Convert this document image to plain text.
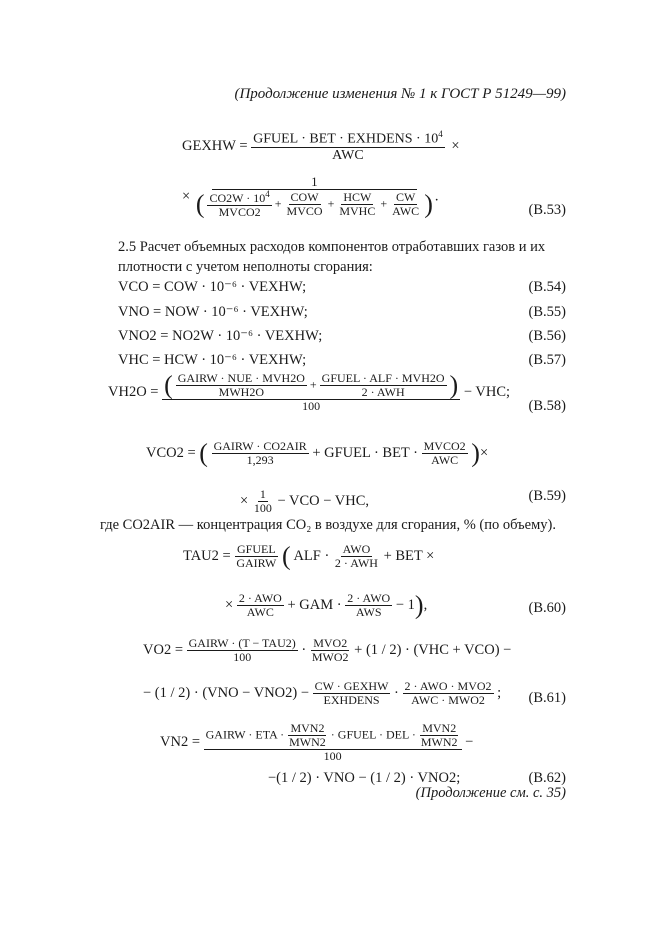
(Продолжение изменения № 1 к ГОСТ Р 51249—99)
GEXHW = $\frac{GFUEL \cdot BET \cdot EXHDENS \cdot 10^4}{\text{AWC}}$ ×
×
1
( $\frac{CO2W \cdot 10^4}{\text{MVCO2}} + \frac{\text{COW}}{\text{MVCO}} + \frac{\text{HCW}}{\text{MVHC}} + \frac{CW}{\text{AWC}}$ ) .
(B.53)
2.5 Расчет объемных расходов компонентов отработавших газов и их плотности с учетом неполноты сгорания:
VCO = COW · 10⁻⁶ · VEXHW;	(B.54)
VNO = NOW · 10⁻⁶ · VEXHW;	(B.55)
VNO2 = NO2W · 10⁻⁶ · VEXHW;	(B.56)
VHC = HCW · 10⁻⁶ · VEXHW;	(B.57)
VH2O = ( $\frac{\text{GAIRW · NUE · MVH2O}}{\text{MWH2O}} + \frac{\text{GFUEL · ALF · MVH2O}}{\text{2 · AWH}}$ )
100
− VHC;
(B.58)
VCO2 = ( $\frac{\text{GAIRW · CO2AIR}}{1,293}$ + GFUEL · BET · $\frac{\text{MVCO2}}{\text{AWC}}$ )×
× $\frac{1}{100}$ − VCO − VHC,	(B.59)
где CO2AIR — концентрация CO₂ в воздухе для сгорания, % (по объему).
$TAU2 = \frac{\text{GFUEL}}{\text{GAIRW}}$ ( ALF · $\frac{\text{AWO}}{\text{2 · AWH}}$ + BET ×
× $\frac{\text{2 · AWO}}{\text{AWC}}$ + GAM · $\frac{\text{2 · AWO}}{\text{AWS}} - 1$),	(B.60)
$VO2 = \frac{\text{GAIRW · (T − TAU2)}}{100} \cdot \frac{\text{MVO2}}{\text{MWO2}} + (1 / 2) \cdot (VHC + VCO)$ −
− $(1 / 2) \cdot (VNO - VNO2) - \frac{\text{CW · GEXHW}}{\text{EXHDENS}} \cdot \frac{\text{2 · AWO · MVO2}}{\text{AWC · MWO2}}$ ; (B.61)
$VN2 = \frac{GAIRW \cdot ETA \cdot \frac{\text{MVN2}}{\text{MWN2}} \cdot GFUEL \cdot DEL \cdot \frac{\text{MVN2}}{\text{MWN2}}}{100}$ −
−(1 / 2) · VNO − (1 / 2) · VNO2;	(B.62)
(Продолжение см. с. 35)
